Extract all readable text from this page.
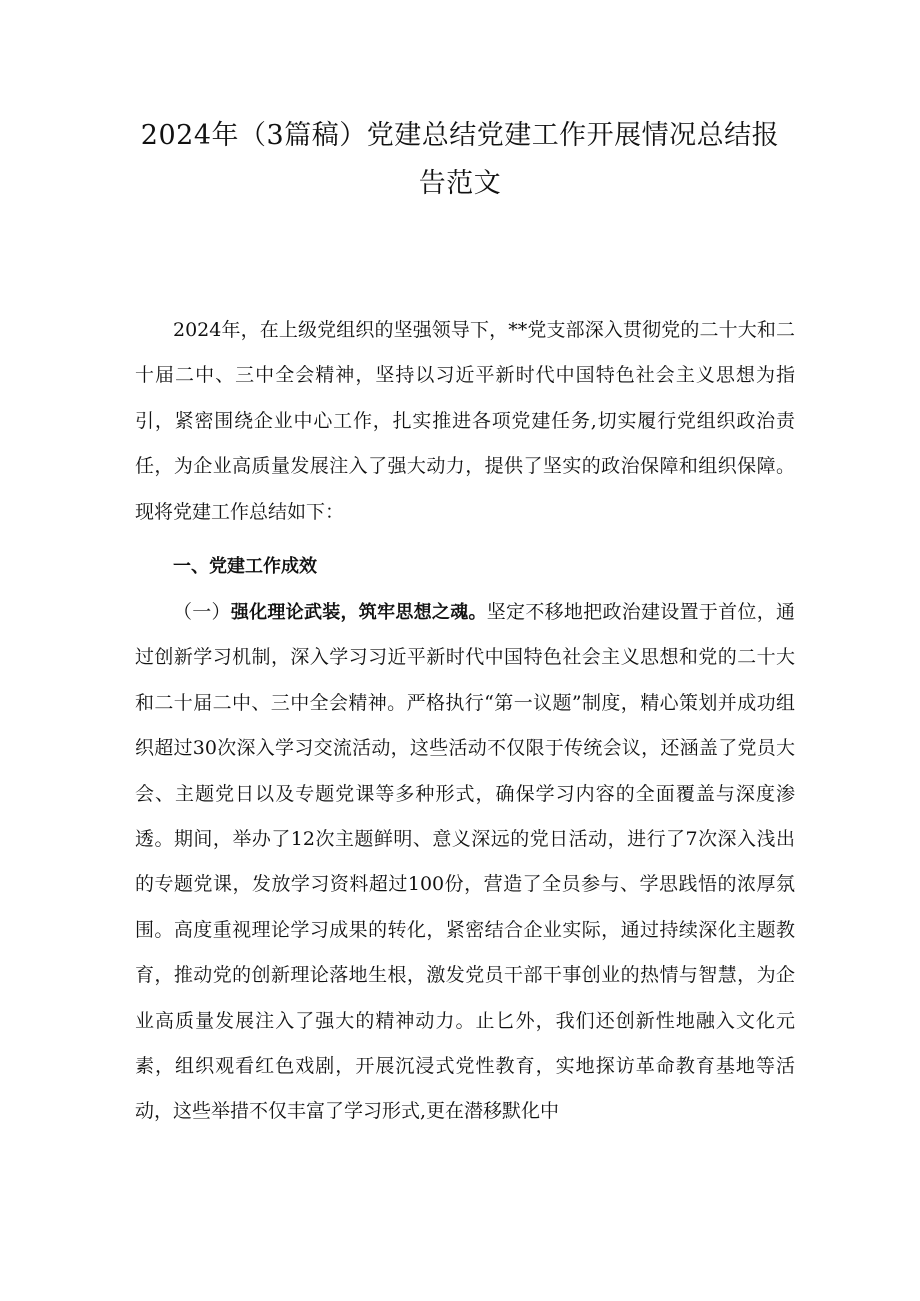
2024年（3篇稿）党建总结党建工作开展情况总结报
告范文

2024年，在上级党组织的坚强领导下，**党支部深入贯彻党的二十大和二十届二中、三中全会精神，坚持以习近平新时代中国特色社会主义思想为指引，紧密围绕企业中心工作，扎实推进各项党建任务,切实履行党组织政治责任，为企业高质量发展注入了强大动力，提供了坚实的政治保障和组织保障。现将党建工作总结如下：

一、党建工作成效

（一）强化理论武装，筑牢思想之魂。坚定不移地把政治建设置于首位，通过创新学习机制，深入学习习近平新时代中国特色社会主义思想和党的二十大和二十届二中、三中全会精神。严格执行“第一议题”制度，精心策划并成功组织超过30次深入学习交流活动，这些活动不仅限于传统会议，还涵盖了党员大会、主题党日以及专题党课等多种形式，确保学习内容的全面覆盖与深度渗透。期间，举办了12次主题鲜明、意义深远的党日活动，进行了7次深入浅出的专题党课，发放学习资料超过100份，营造了全员参与、学思践悟的浓厚氛围。高度重视理论学习成果的转化，紧密结合企业实际，通过持续深化主题教育，推动党的创新理论落地生根，激发党员干部干事创业的热情与智慧，为企业高质量发展注入了强大的精神动力。止匕外，我们还创新性地融入文化元素，组织观看红色戏剧，开展沉浸式党性教育，实地探访革命教育基地等活动，这些举措不仅丰富了学习形式,更在潜移默化中
